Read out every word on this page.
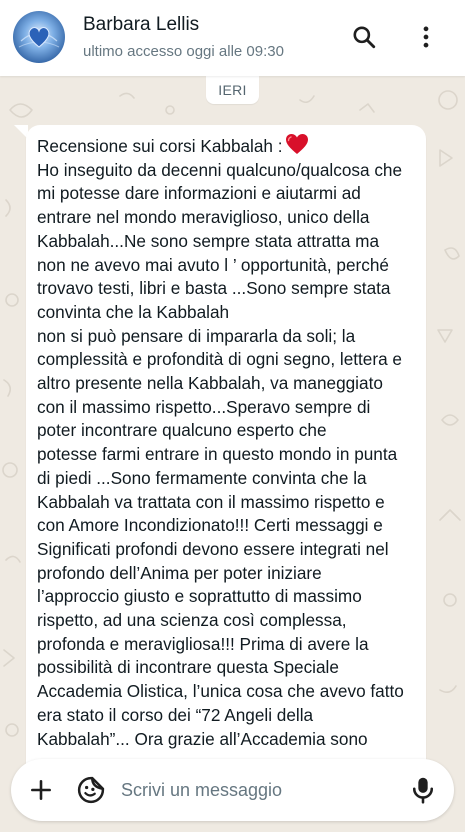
Barbara Lellis
ultimo accesso oggi alle 09:30
IERI
Recensione sui corsi Kabbalah :
Ho inseguito da decenni qualcuno/qualcosa che
mi potesse dare informazioni e aiutarmi ad
entrare nel mondo meraviglioso, unico della
Kabbalah...Ne sono sempre stata attratta ma
non ne avevo mai avuto l ’ opportunità, perché
trovavo testi, libri e basta ...Sono sempre stata
convinta che la Kabbalah
non si può pensare di impararla da soli; la
complessità e profondità di ogni segno, lettera e
altro presente nella Kabbalah, va maneggiato
con il massimo rispetto...Speravo sempre di
poter incontrare qualcuno esperto che
potesse farmi entrare in questo mondo in punta
di piedi ...Sono fermamente convinta che la
Kabbalah va trattata con il massimo rispetto e
con Amore Incondizionato!!! Certi messaggi e
Significati profondi devono essere integrati nel
profondo dell’Anima per poter iniziare
l’approccio giusto e soprattutto di massimo
rispetto, ad una scienza così complessa,
profonda e meravigliosa!!! Prima di avere la
possibilità di incontrare questa Speciale
Accademia Olistica, l’unica cosa che avevo fatto
era stato il corso dei “72 Angeli della
Kabbalah”... Ora grazie all’Accademia sono
Scrivi un messaggio
